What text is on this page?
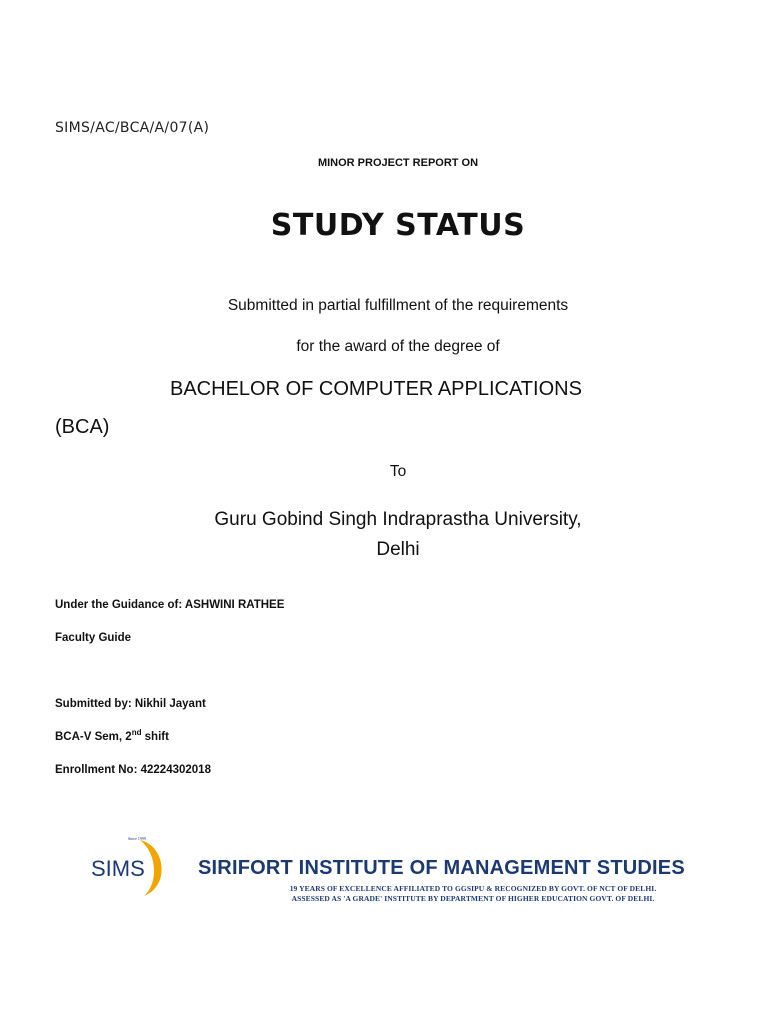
SIMS/AC/BCA/A/07(A)
MINOR PROJECT REPORT ON
STUDY STATUS
Submitted in partial fulfillment of the requirements
for the award of the degree of
BACHELOR OF COMPUTER APPLICATIONS
(BCA)
To
Guru Gobind Singh Indraprastha University,
Delhi
Under the Guidance of: ASHWINI RATHEE
Faculty Guide
Submitted by: Nikhil Jayant
BCA-V Sem, 2nd shift
Enrollment No: 42224302018
Since 1999
SIMS	SIRIFORT INSTITUTE OF MANAGEMENT STUDIES
19 YEARS OF EXCELLENCE AFFILIATED TO GGSIPU & RECOGNIZED BY GOVT. OF NCT OF DELHI.
ASSESSED AS 'A GRADE' INSTITUTE BY DEPARTMENT OF HIGHER EDUCATION GOVT. OF DELHI.
